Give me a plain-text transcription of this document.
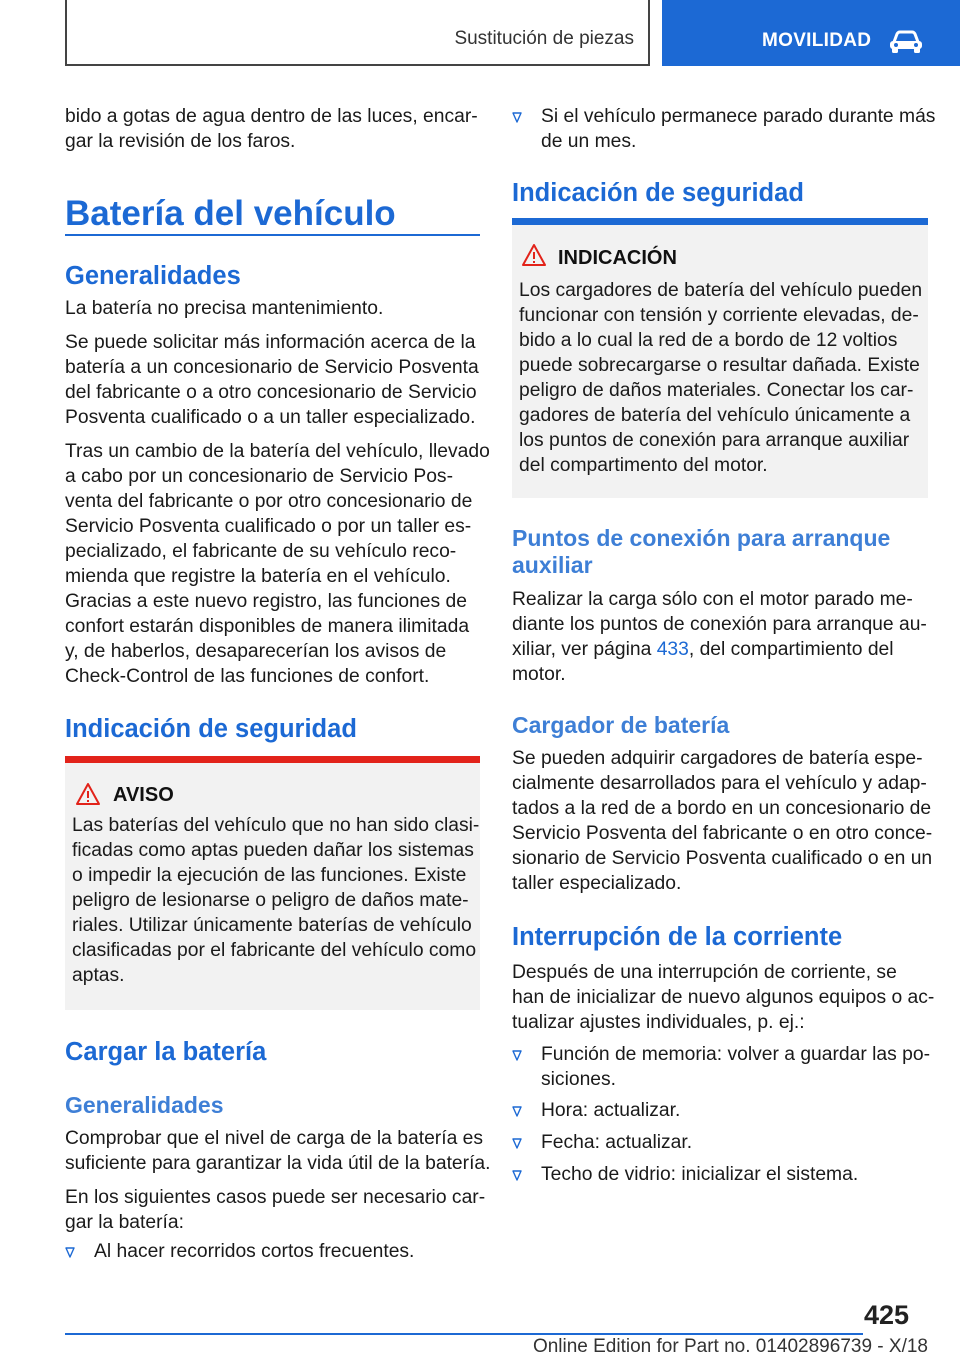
Sustitución de piezas	MOVILIDAD
bido a gotas de agua dentro de las luces, encar-
gar la revisión de los faros.
Batería del vehículo
Generalidades
La batería no precisa mantenimiento.
Se puede solicitar más información acerca de la
batería a un concesionario de Servicio Posventa
del fabricante o a otro concesionario de Servicio
Posventa cualificado o a un taller especializado.
Tras un cambio de la batería del vehículo, llevado
a cabo por un concesionario de Servicio Pos-
venta del fabricante o por otro concesionario de
Servicio Posventa cualificado o por un taller es-
pecializado, el fabricante de su vehículo reco-
mienda que registre la batería en el vehículo.
Gracias a este nuevo registro, las funciones de
confort estarán disponibles de manera ilimitada
y, de haberlos, desaparecerían los avisos de
Check-Control de las funciones de confort.
Indicación de seguridad
AVISO
Las baterías del vehículo que no han sido clasi-
ficadas como aptas pueden dañar los sistemas
o impedir la ejecución de las funciones. Existe
peligro de lesionarse o peligro de daños mate-
riales. Utilizar únicamente baterías de vehículo
clasificadas por el fabricante del vehículo como
aptas.
Cargar la batería
Generalidades
Comprobar que el nivel de carga de la batería es
suficiente para garantizar la vida útil de la batería.
En los siguientes casos puede ser necesario car-
gar la batería:
Al hacer recorridos cortos frecuentes.
Si el vehículo permanece parado durante más
de un mes.
Indicación de seguridad
INDICACIÓN
Los cargadores de batería del vehículo pueden
funcionar con tensión y corriente elevadas, de-
bido a lo cual la red de a bordo de 12 voltios
puede sobrecargarse o resultar dañada. Existe
peligro de daños materiales. Conectar los car-
gadores de batería del vehículo únicamente a
los puntos de conexión para arranque auxiliar
del compartimento del motor.
Puntos de conexión para arranque
auxiliar
Realizar la carga sólo con el motor parado me-
diante los puntos de conexión para arranque au-
xiliar, ver página 433, del compartimiento del
motor.
Cargador de batería
Se pueden adquirir cargadores de batería espe-
cialmente desarrollados para el vehículo y adap-
tados a la red de a bordo en un concesionario de
Servicio Posventa del fabricante o en otro conce-
sionario de Servicio Posventa cualificado o en un
taller especializado.
Interrupción de la corriente
Después de una interrupción de corriente, se
han de inicializar de nuevo algunos equipos o ac-
tualizar ajustes individuales, p. ej.:
Función de memoria: volver a guardar las po-
siciones.
Hora: actualizar.
Fecha: actualizar.
Techo de vidrio: inicializar el sistema.
425
Online Edition for Part no. 01402896739 - X/18
